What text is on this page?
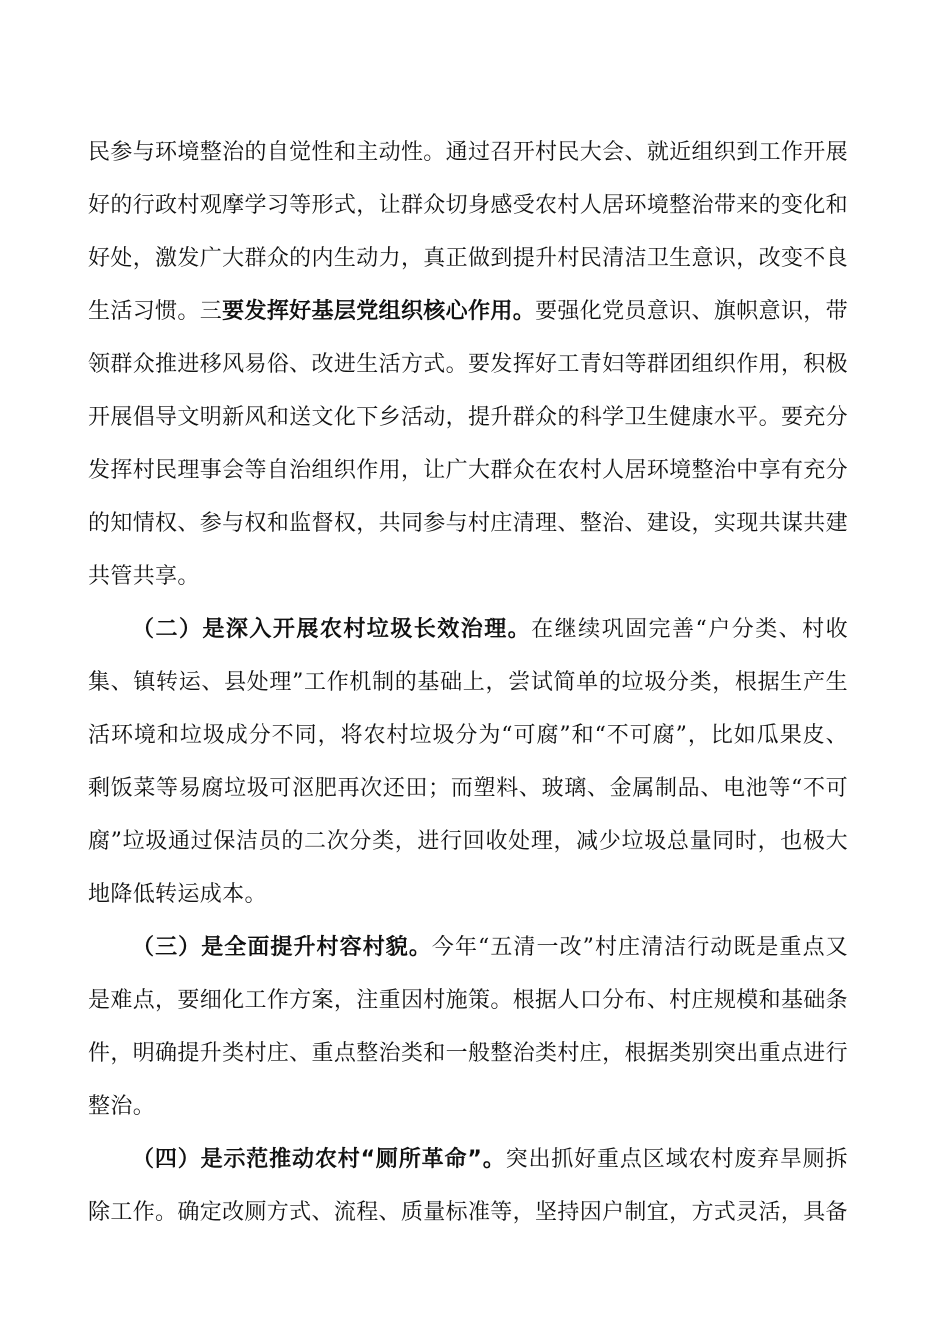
民参与环境整治的自觉性和主动性。通过召开村民大会、就近组织到工作开展好的行政村观摩学习等形式，让群众切身感受农村人居环境整治带来的变化和好处，激发广大群众的内生动力，真正做到提升村民清洁卫生意识，改变不良生活习惯。三要发挥好基层党组织核心作用。要强化党员意识、旗帜意识，带领群众推进移风易俗、改进生活方式。要发挥好工青妇等群团组织作用，积极开展倡导文明新风和送文化下乡活动，提升群众的科学卫生健康水平。要充分发挥村民理事会等自治组织作用，让广大群众在农村人居环境整治中享有充分的知情权、参与权和监督权，共同参与村庄清理、整治、建设，实现共谋共建共管共享。

（二）是深入开展农村垃圾长效治理。在继续巩固完善“户分类、村收集、镇转运、县处理”工作机制的基础上，尝试简单的垃圾分类，根据生产生活环境和垃圾成分不同，将农村垃圾分为“可腐”和“不可腐”，比如瓜果皮、剩饭菜等易腐垃圾可沤肥再次还田；而塑料、玻璃、金属制品、电池等“不可腐”垃圾通过保洁员的二次分类，进行回收处理，减少垃圾总量同时，也极大地降低转运成本。

（三）是全面提升村容村貌。今年“五清一改”村庄清洁行动既是重点又是难点，要细化工作方案，注重因村施策。根据人口分布、村庄规模和基础条件，明确提升类村庄、重点整治类和一般整治类村庄，根据类别突出重点进行整治。

（四）是示范推动农村“厕所革命”。突出抓好重点区域农村废弃旱厕拆除工作。确定改厕方式、流程、质量标准等，坚持因户制宜，方式灵活，具备
